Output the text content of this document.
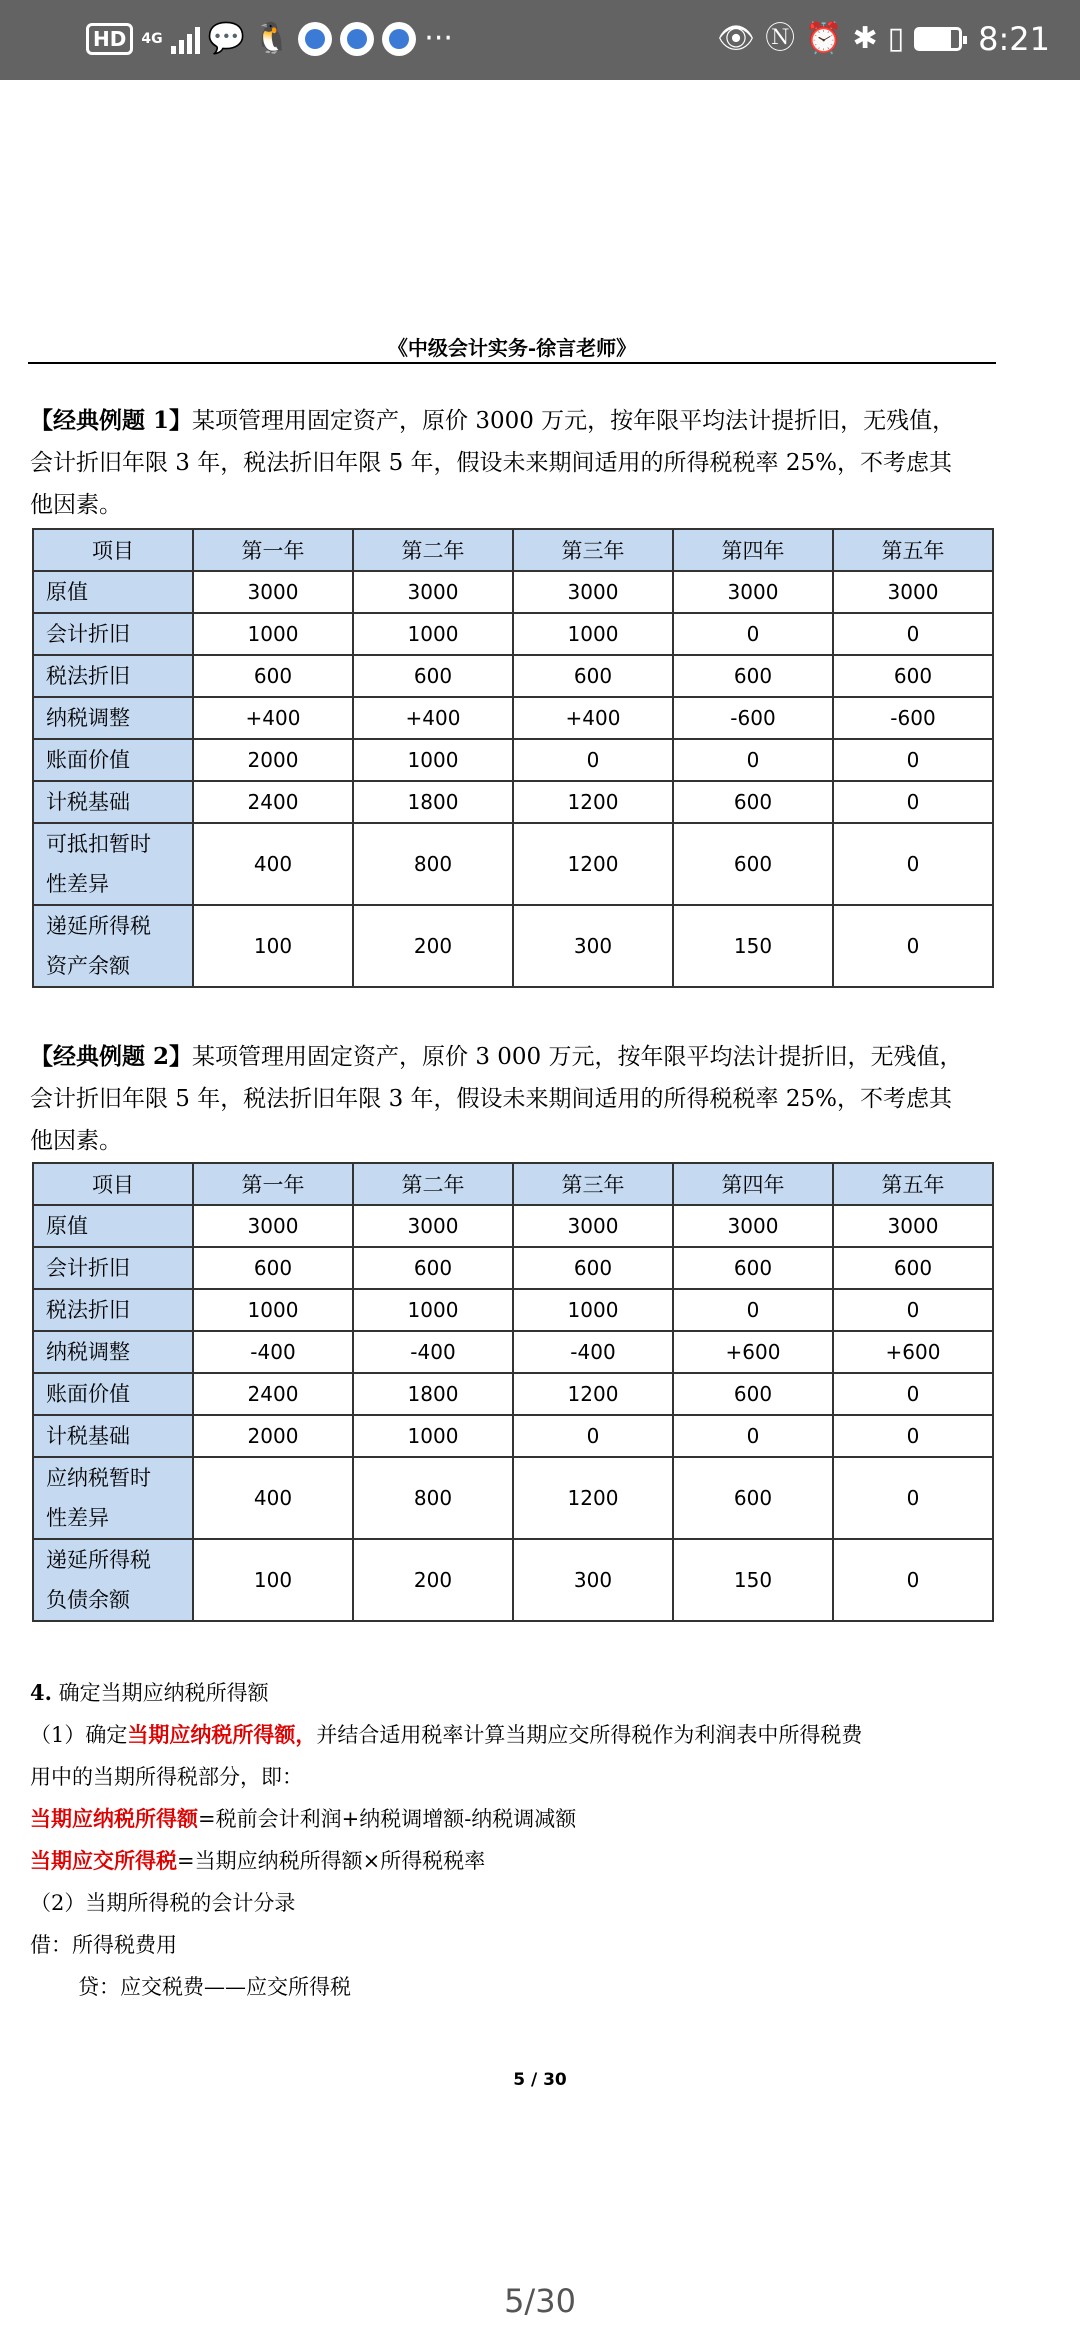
HD	4G 💬 🐧	···	👁 Ⓝ ⏰ ✱ ▯ 8:21
《中级会计实务-徐言老师》
【经典例题 1】某项管理用固定资产，原价 3000 万元，按年限平均法计提折旧，无残值，
会计折旧年限 3 年，税法折旧年限 5 年，假设未来期间适用的所得税税率 25%，不考虑其
他因素。
项目	第一年	第二年	第三年	第四年	第五年
原值	3000	3000	3000	3000	3000
会计折旧	1000	1000	1000	0	0
税法折旧	600	600	600	600	600
纳税调整	+400	+400	+400	-600	-600
账面价值	2000	1000	0	0	0
计税基础	2400	1800	1200	600	0

可抵扣暂时
性差异	400	800	1200	600	0

递延所得税
资产余额	100	200	300	150	0
【经典例题 2】某项管理用固定资产，原价 3 000 万元，按年限平均法计提折旧，无残值，
会计折旧年限 5 年，税法折旧年限 3 年，假设未来期间适用的所得税税率 25%，不考虑其
他因素。
项目	第一年	第二年	第三年	第四年	第五年
原值	3000	3000	3000	3000	3000
会计折旧	600	600	600	600	600
税法折旧	1000	1000	1000	0	0
纳税调整	-400	-400	-400	+600	+600
账面价值	2400	1800	1200	600	0
计税基础	2000	1000	0	0	0

应纳税暂时
性差异	400	800	1200	600	0

递延所得税
负债余额	100	200	300	150	0
4. 确定当期应纳税所得额
（1）确定当期应纳税所得额，并结合适用税率计算当期应交所得税作为利润表中所得税费
用中的当期所得税部分，即：
当期应纳税所得额=税前会计利润+纳税调增额-纳税调减额
当期应交所得税=当期应纳税所得额×所得税税率
（2）当期所得税的会计分录
借：所得税费用
贷：应交税费——应交所得税
5 / 30
5/30
